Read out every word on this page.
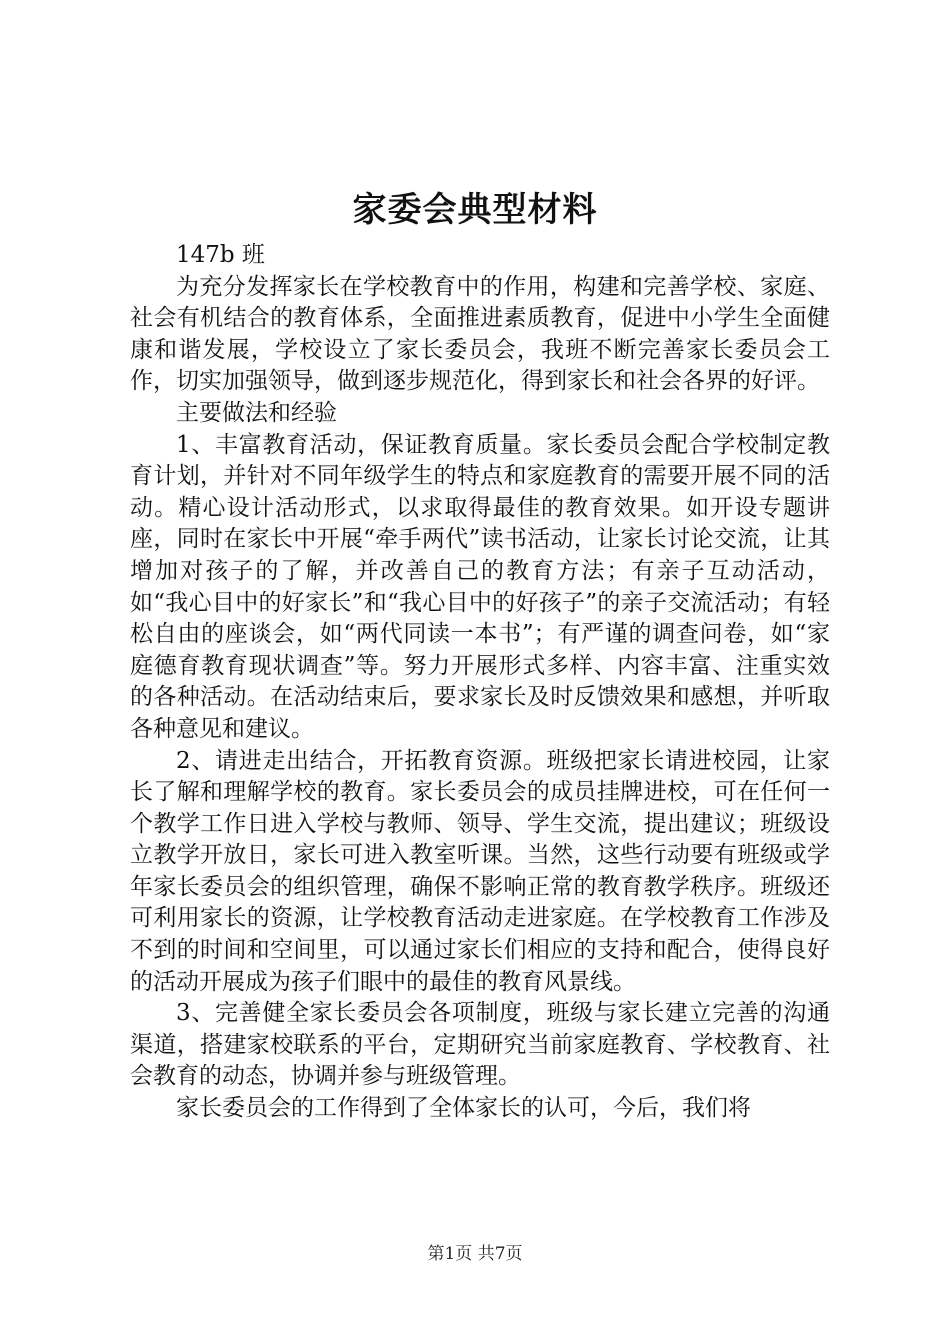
家委会典型材料

147b 班

为充分发挥家长在学校教育中的作用，构建和完善学校、家庭、社会有机结合的教育体系，全面推进素质教育，促进中小学生全面健康和谐发展，学校设立了家长委员会，我班不断完善家长委员会工作，切实加强领导，做到逐步规范化，得到家长和社会各界的好评。

主要做法和经验

1、丰富教育活动，保证教育质量。家长委员会配合学校制定教育计划，并针对不同年级学生的特点和家庭教育的需要开展不同的活动。精心设计活动形式，以求取得最佳的教育效果。如开设专题讲座，同时在家长中开展“牵手两代”读书活动，让家长讨论交流，让其增加对孩子的了解，并改善自己的教育方法；有亲子互动活动，如“我心目中的好家长”和“我心目中的好孩子”的亲子交流活动；有轻松自由的座谈会，如“两代同读一本书”；有严谨的调查问卷，如“家庭德育教育现状调查”等。努力开展形式多样、内容丰富、注重实效的各种活动。在活动结束后，要求家长及时反馈效果和感想，并听取各种意见和建议。

2、请进走出结合，开拓教育资源。班级把家长请进校园，让家长了解和理解学校的教育。家长委员会的成员挂牌进校，可在任何一个教学工作日进入学校与教师、领导、学生交流，提出建议；班级设立教学开放日，家长可进入教室听课。当然，这些行动要有班级或学年家长委员会的组织管理，确保不影响正常的教育教学秩序。班级还可利用家长的资源，让学校教育活动走进家庭。在学校教育工作涉及不到的时间和空间里，可以通过家长们相应的支持和配合，使得良好的活动开展成为孩子们眼中的最佳的教育风景线。

3、完善健全家长委员会各项制度，班级与家长建立完善的沟通渠道，搭建家校联系的平台，定期研究当前家庭教育、学校教育、社会教育的动态，协调并参与班级管理。

家长委员会的工作得到了全体家长的认可，今后，我们将

第1页 共7页
